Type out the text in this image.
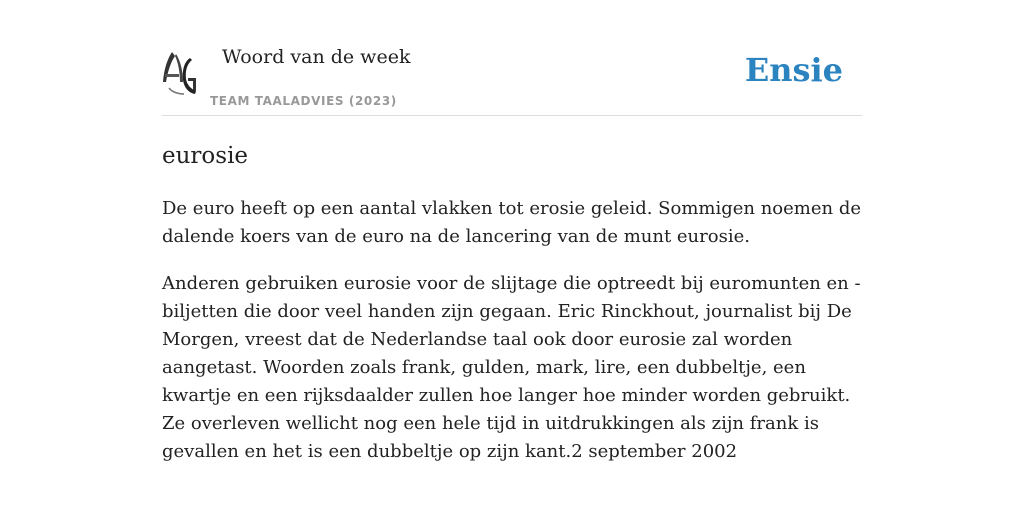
Woord van de week
TEAM TAALADVIES (2023)
Ensie
eurosie

De euro heeft op een aantal vlakken tot erosie geleid. Sommigen noemen de dalende koers van de euro na de lancering van de munt eurosie.

Anderen gebruiken eurosie voor de slijtage die optreedt bij euromunten en -biljetten die door veel handen zijn gegaan. Eric Rinckhout, journalist bij De Morgen, vreest dat de Nederlandse taal ook door eurosie zal worden aangetast. Woorden zoals frank, gulden, mark, lire, een dubbeltje, een kwartje en een rijksdaalder zullen hoe langer hoe minder worden gebruikt. Ze overleven wellicht nog een hele tijd in uitdrukkingen als zijn frank is gevallen en het is een dubbeltje op zijn kant.2 september 2002
